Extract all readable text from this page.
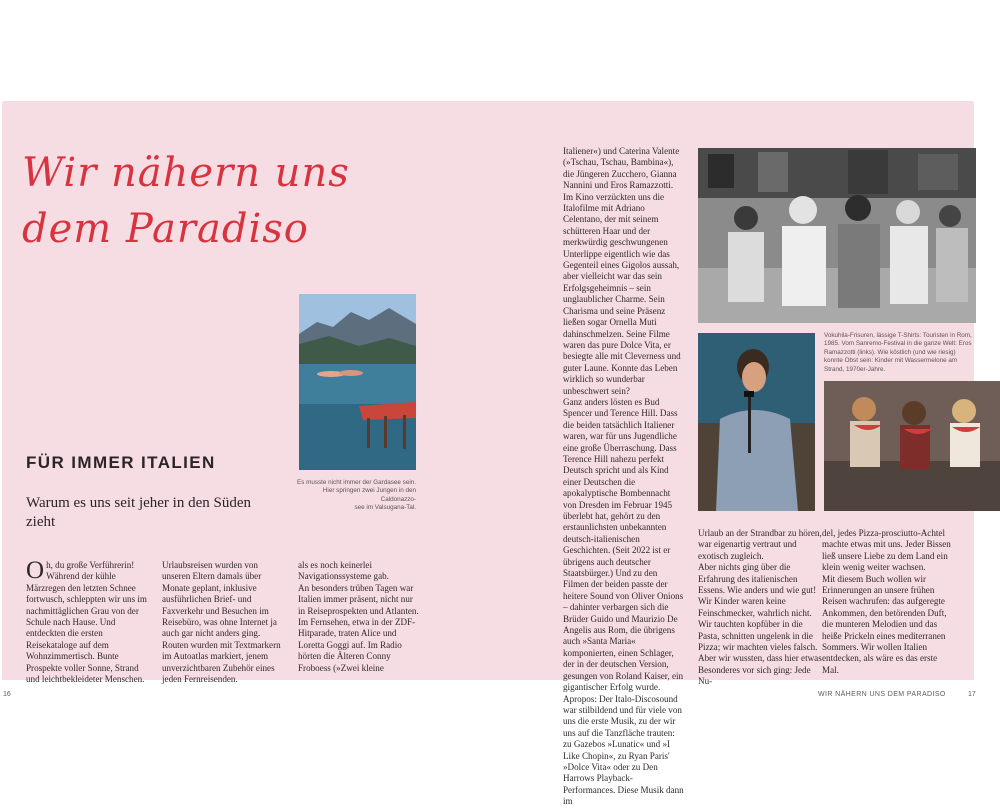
Wir nähern uns
dem Paradiso
FÜR IMMER ITALIEN

Warum es uns seit jeher in den Süden zieht

O h, du große Verführerin! Während der kühle Märzregen den letzten Schnee fortwusch, schleppten wir uns im nachmittäglichen Grau von der Schule nach Hause. Und entdeckten die ersten Reisekataloge auf dem Wohnzimmertisch. Bunte Prospekte voller Sonne, Strand und leichtbekleideter Menschen.

Urlaubsreisen wurden von unseren Eltern damals über Monate geplant, inklusive ausführlichen Brief- und Faxverkehr und Besuchen im Reisebüro, was ohne Internet ja auch gar nicht anders ging. Routen wurden mit Textmarkern im Autoatlas markiert, jenem unverzichtbaren Zubehör eines jeden Fernreisenden.

als es noch keinerlei Navigationssysteme gab.
An besonders trüben Tagen war Italien immer präsent, nicht nur in Reiseprospekten und Atlanten. Im Fernsehen, etwa in der ZDF-Hitparade, traten Alice und Loretta Goggi auf. Im Radio hörten die Älteren Conny Froboess (»Zwei kleine

Italiener«) und Caterina Valente (»Tschau, Tschau, Bambina«), die Jüngeren Zucchero, Gianna Nannini und Eros Ramazzotti.
Im Kino verzückten uns die Italofilme mit Adriano Celentano, der mit seinem schütteren Haar und der merkwürdig geschwungenen Unterlippe eigentlich wie das Gegenteil eines Gigolos aussah, aber vielleicht war das sein Erfolgsgeheimnis – sein unglaublicher Charme. Sein Charisma und seine Präsenz ließen sogar Ornella Muti dahinschmelzen. Seine Filme waren das pure Dolce Vita, er besiegte alle mit Cleverness und guter Laune. Konnte das Leben wirklich so wunderbar unbeschwert sein?
Ganz anders lösten es Bud Spencer und Terence Hill. Dass die beiden tatsächlich Italiener waren, war für uns Jugendliche eine große Überraschung. Dass Terence Hill nahezu perfekt Deutsch spricht und als Kind einer Deutschen die apokalyptische Bombennacht von Dresden im Februar 1945 überlebt hat, gehört zu den erstaunlichsten unbekannten deutsch-italienischen Geschichten. (Seit 2022 ist er übrigens auch deutscher Staatsbürger.) Und zu den Filmen der beiden passte der heitere Sound von Oliver Onions – dahinter verbargen sich die Brüder Guido und Maurizio De Angelis aus Rom, die übrigens auch »Santa Maria« komponierten, einen Schlager, der in der deutschen Version, gesungen von Roland Kaiser, ein gigantischer Erfolg wurde.
Apropos: Der Italo-Discosound war stilbildend und für viele von uns die erste Musik, zu der wir uns auf die Tanzfläche trauten: zu Gazebos »Lunatic« und »I Like Chopin«, zu Ryan Paris' »Dolce Vita« oder zu Den Harrows Playback-Performances. Diese Musik dann im

Urlaub an der Strandbar zu hören, war eigenartig vertraut und exotisch zugleich.
Aber nichts ging über die Erfahrung des italienischen Essens. Wie anders und wie gut! Wir Kinder waren keine Feinschmecker, wahrlich nicht. Wir tauchten kopfüber in die Pasta, schnitten ungelenk in die Pizza; wir machten vieles falsch. Aber wir wussten, dass hier etwas Besonderes vor sich ging: Jede Nu-

del, jedes Pizza-prosciutto-Achtel machte etwas mit uns. Jeder Bissen ließ unsere Liebe zu dem Land ein klein wenig weiter wachsen.
Mit diesem Buch wollen wir Erinnerungen an unsere frühen Reisen wachrufen: das aufgeregte Ankommen, den betörenden Duft, die munteren Melodien und das heiße Prickeln eines mediterranen Sommers. Wir wollen Italien entdecken, als wäre es das erste Mal.

Es musste nicht immer der Gardasee sein.
Hier springen zwei Jungen in den Caldonazzo-
see im Valsugana-Tal.

Vokuhila-Frisuren, lässige T-Shirts: Touristen in Rom, 1985. Vom Sanremo-Festival in die ganze Welt: Eros Ramazzotti (links). Wie köstlich (und wie riesig) konnte Obst sein: Kinder mit Wassermelone am Strand, 1970er-Jahre.

16	WIR NÄHERN UNS DEM PARADISO	17
